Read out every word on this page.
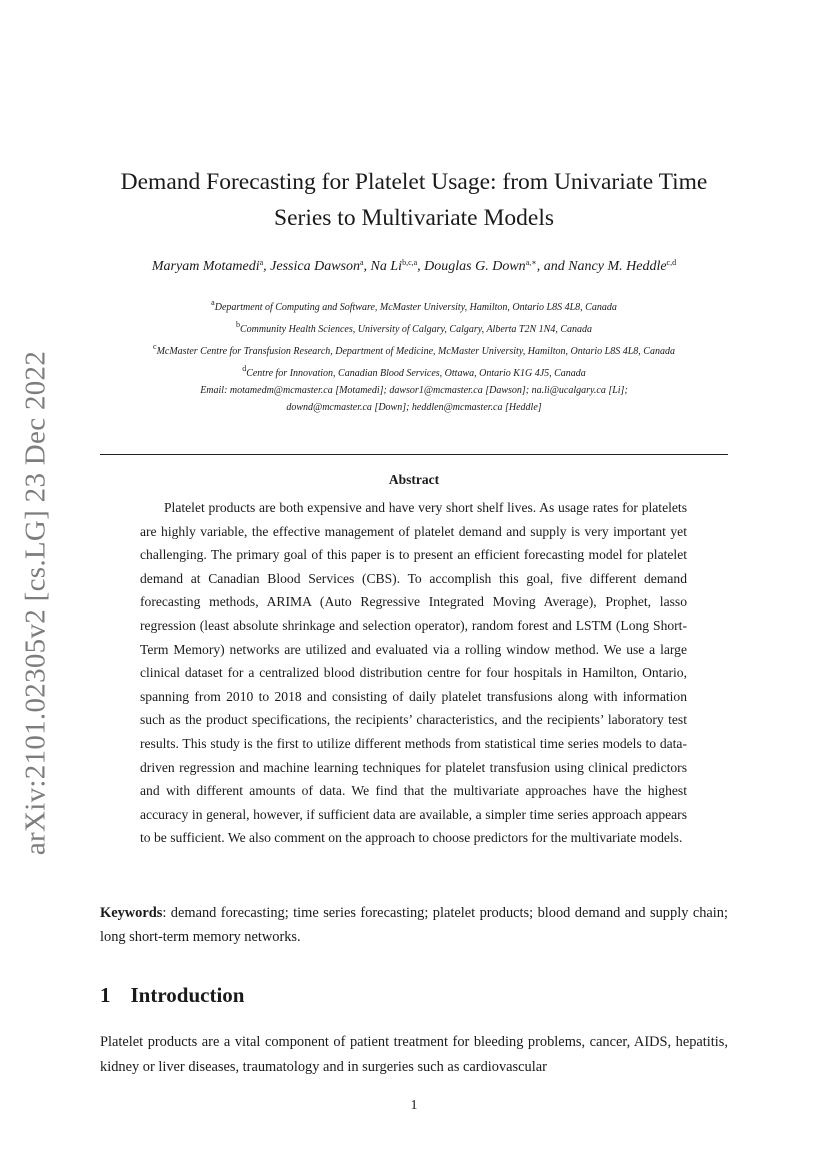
arXiv:2101.02305v2 [cs.LG] 23 Dec 2022
Demand Forecasting for Platelet Usage: from Univariate Time
Series to Multivariate Models
Maryam Motamedi$^a$, Jessica Dawson$^a$, Na Li$^{b,c,a}$, Douglas G. Down$^{a,∗}$, and Nancy M. Heddle$^{c,d}$
$^a$Department of Computing and Software, McMaster University, Hamilton, Ontario L8S 4L8, Canada
$^b$Community Health Sciences, University of Calgary, Calgary, Alberta T2N 1N4, Canada
$^c$McMaster Centre for Transfusion Research, Department of Medicine, McMaster University, Hamilton, Ontario L8S 4L8, Canada
$^d$Centre for Innovation, Canadian Blood Services, Ottawa, Ontario K1G 4J5, Canada
Email: motamedm@mcmaster.ca [Motamedi]; dawsor1@mcmaster.ca [Dawson]; na.li@ucalgary.ca [Li];
downd@mcmaster.ca [Down]; heddlen@mcmaster.ca [Heddle]
Abstract

Platelet products are both expensive and have very short shelf lives. As usage rates for platelets are highly variable, the effective management of platelet demand and supply is very important yet challenging. The primary goal of this paper is to present an efficient forecasting model for platelet demand at Canadian Blood Services (CBS). To accomplish this goal, five different demand forecasting methods, ARIMA (Auto Regressive Integrated Moving Average), Prophet, lasso regression (least absolute shrinkage and selection operator), random forest and LSTM (Long Short-Term Memory) networks are utilized and evaluated via a rolling window method. We use a large clinical dataset for a centralized blood distribution centre for four hospitals in Hamilton, Ontario, spanning from 2010 to 2018 and consisting of daily platelet transfusions along with information such as the product specifications, the recipients’ characteristics, and the recipients’ laboratory test results. This study is the first to utilize different methods from statistical time series models to data-driven regression and machine learning techniques for platelet transfusion using clinical predictors and with different amounts of data. We find that the multivariate approaches have the highest accuracy in general, however, if sufficient data are available, a simpler time series approach appears to be sufficient. We also comment on the approach to choose predictors for the multivariate models.

Keywords: demand forecasting; time series forecasting; platelet products; blood demand and supply chain; long short-term memory networks.

1 Introduction

Platelet products are a vital component of patient treatment for bleeding problems, cancer, AIDS, hepatitis, kidney or liver diseases, traumatology and in surgeries such as cardiovascular

1
